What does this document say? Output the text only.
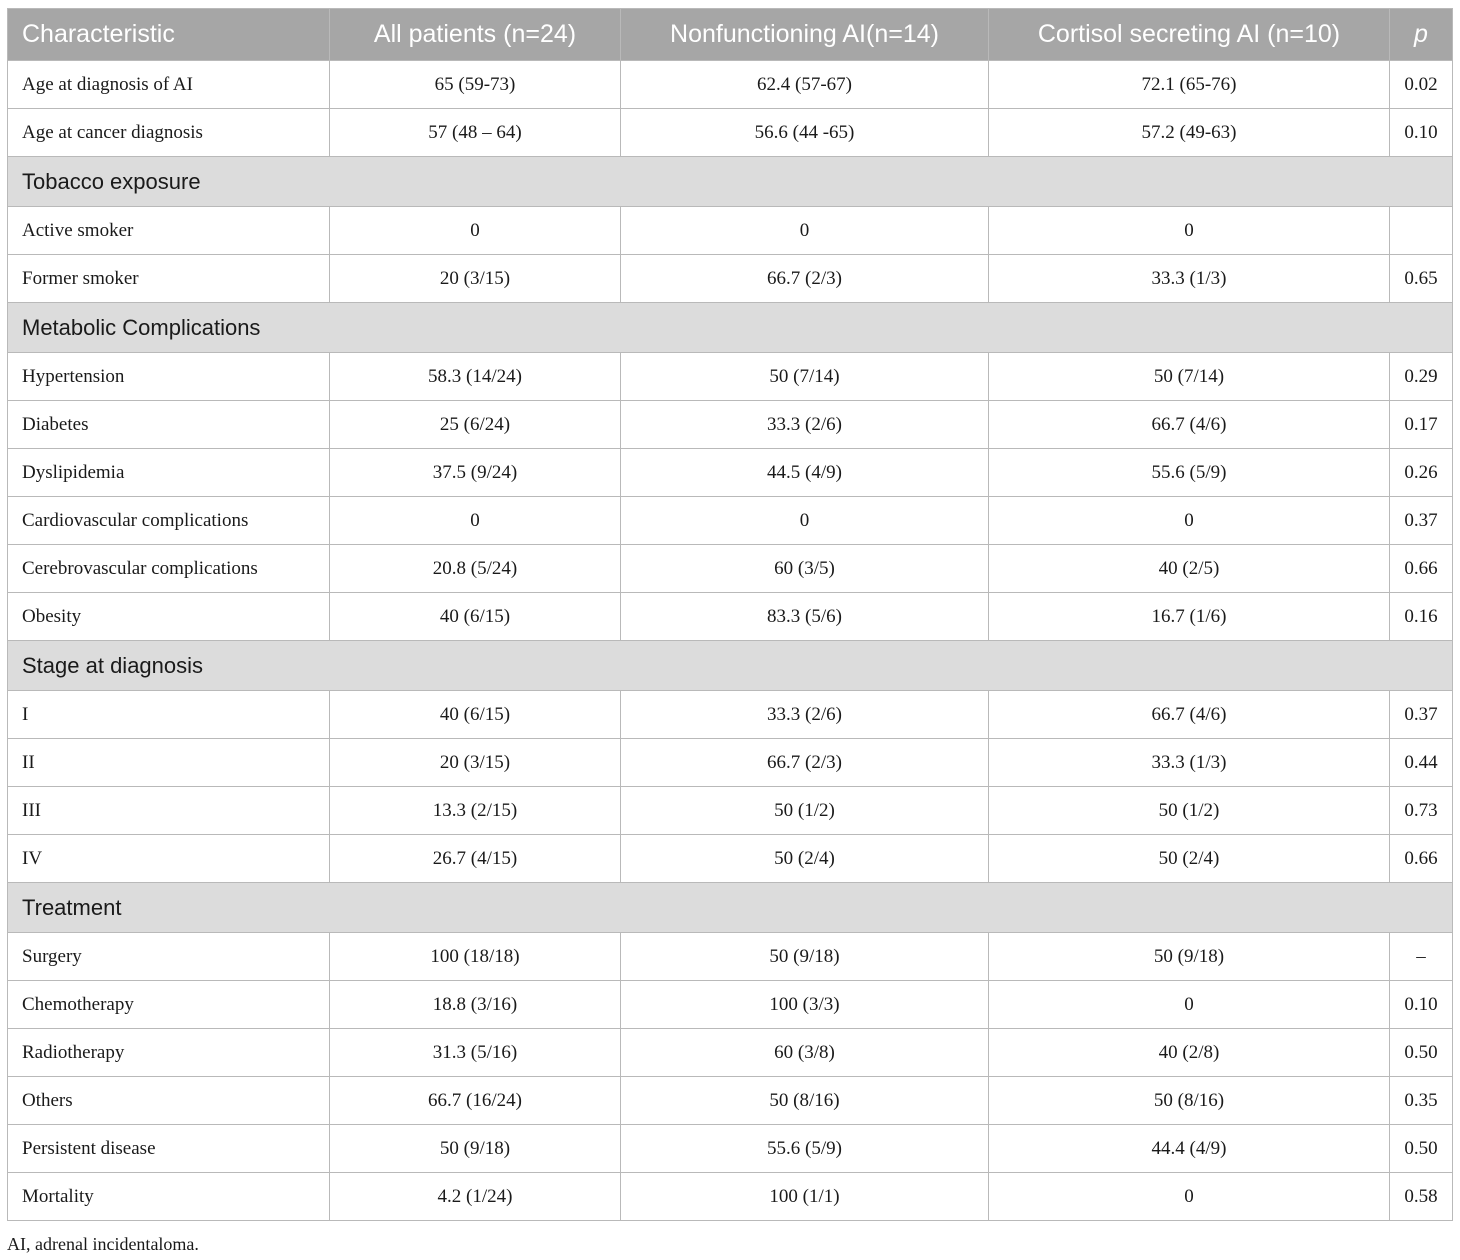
Characteristic	All patients (n=24)	Nonfunctioning AI(n=14)	Cortisol secreting AI (n=10)	p
Age at diagnosis of AI	65 (59-73)	62.4 (57-67)	72.1 (65-76)	0.02
Age at cancer diagnosis	57 (48 – 64)	56.6 (44 -65)	57.2 (49-63)	0.10
Tobacco exposure				
Active smoker	0	0	0	
Former smoker	20 (3/15)	66.7 (2/3)	33.3 (1/3)	0.65
Metabolic Complications				
Hypertension	58.3 (14/24)	50 (7/14)	50 (7/14)	0.29
Diabetes	25 (6/24)	33.3 (2/6)	66.7 (4/6)	0.17
Dyslipidemia	37.5 (9/24)	44.5 (4/9)	55.6 (5/9)	0.26
Cardiovascular complications	0	0	0	0.37
Cerebrovascular complications	20.8 (5/24)	60 (3/5)	40 (2/5)	0.66
Obesity	40 (6/15)	83.3 (5/6)	16.7 (1/6)	0.16
Stage at diagnosis				
I	40 (6/15)	33.3 (2/6)	66.7 (4/6)	0.37
II	20 (3/15)	66.7 (2/3)	33.3 (1/3)	0.44
III	13.3 (2/15)	50 (1/2)	50 (1/2)	0.73
IV	26.7 (4/15)	50 (2/4)	50 (2/4)	0.66
Treatment				
Surgery	100 (18/18)	50 (9/18)	50 (9/18)	–
Chemotherapy	18.8 (3/16)	100 (3/3)	0	0.10
Radiotherapy	31.3 (5/16)	60 (3/8)	40 (2/8)	0.50
Others	66.7 (16/24)	50 (8/16)	50 (8/16)	0.35
Persistent disease	50 (9/18)	55.6 (5/9)	44.4 (4/9)	0.50
Mortality	4.2 (1/24)	100 (1/1)	0	0.58
AI, adrenal incidentaloma.
